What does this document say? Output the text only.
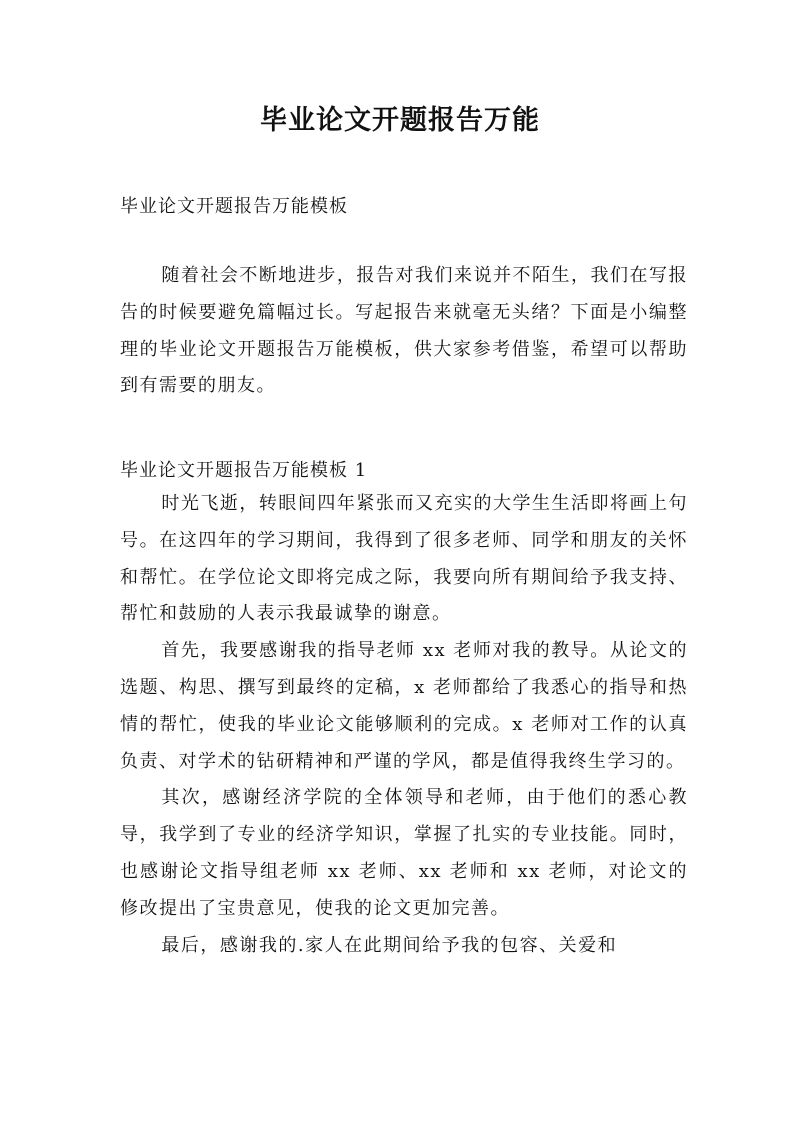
毕业论文开题报告万能
毕业论文开题报告万能模板

随着社会不断地进步，报告对我们来说并不陌生，我们在写报告的时候要避免篇幅过长。写起报告来就毫无头绪？下面是小编整理的毕业论文开题报告万能模板，供大家参考借鉴，希望可以帮助到有需要的朋友。

毕业论文开题报告万能模板 1

时光飞逝，转眼间四年紧张而又充实的大学生生活即将画上句号。在这四年的学习期间，我得到了很多老师、同学和朋友的关怀和帮忙。在学位论文即将完成之际，我要向所有期间给予我支持、帮忙和鼓励的人表示我最诚挚的谢意。

首先，我要感谢我的指导老师 xx 老师对我的教导。从论文的选题、构思、撰写到最终的定稿，x 老师都给了我悉心的指导和热情的帮忙，使我的毕业论文能够顺利的完成。x 老师对工作的认真负责、对学术的钻研精神和严谨的学风，都是值得我终生学习的。

其次，感谢经济学院的全体领导和老师，由于他们的悉心教导，我学到了专业的经济学知识，掌握了扎实的专业技能。同时，也感谢论文指导组老师 xx 老师、xx 老师和 xx 老师，对论文的修改提出了宝贵意见，使我的论文更加完善。

最后，感谢我的.家人在此期间给予我的包容、关爱和
